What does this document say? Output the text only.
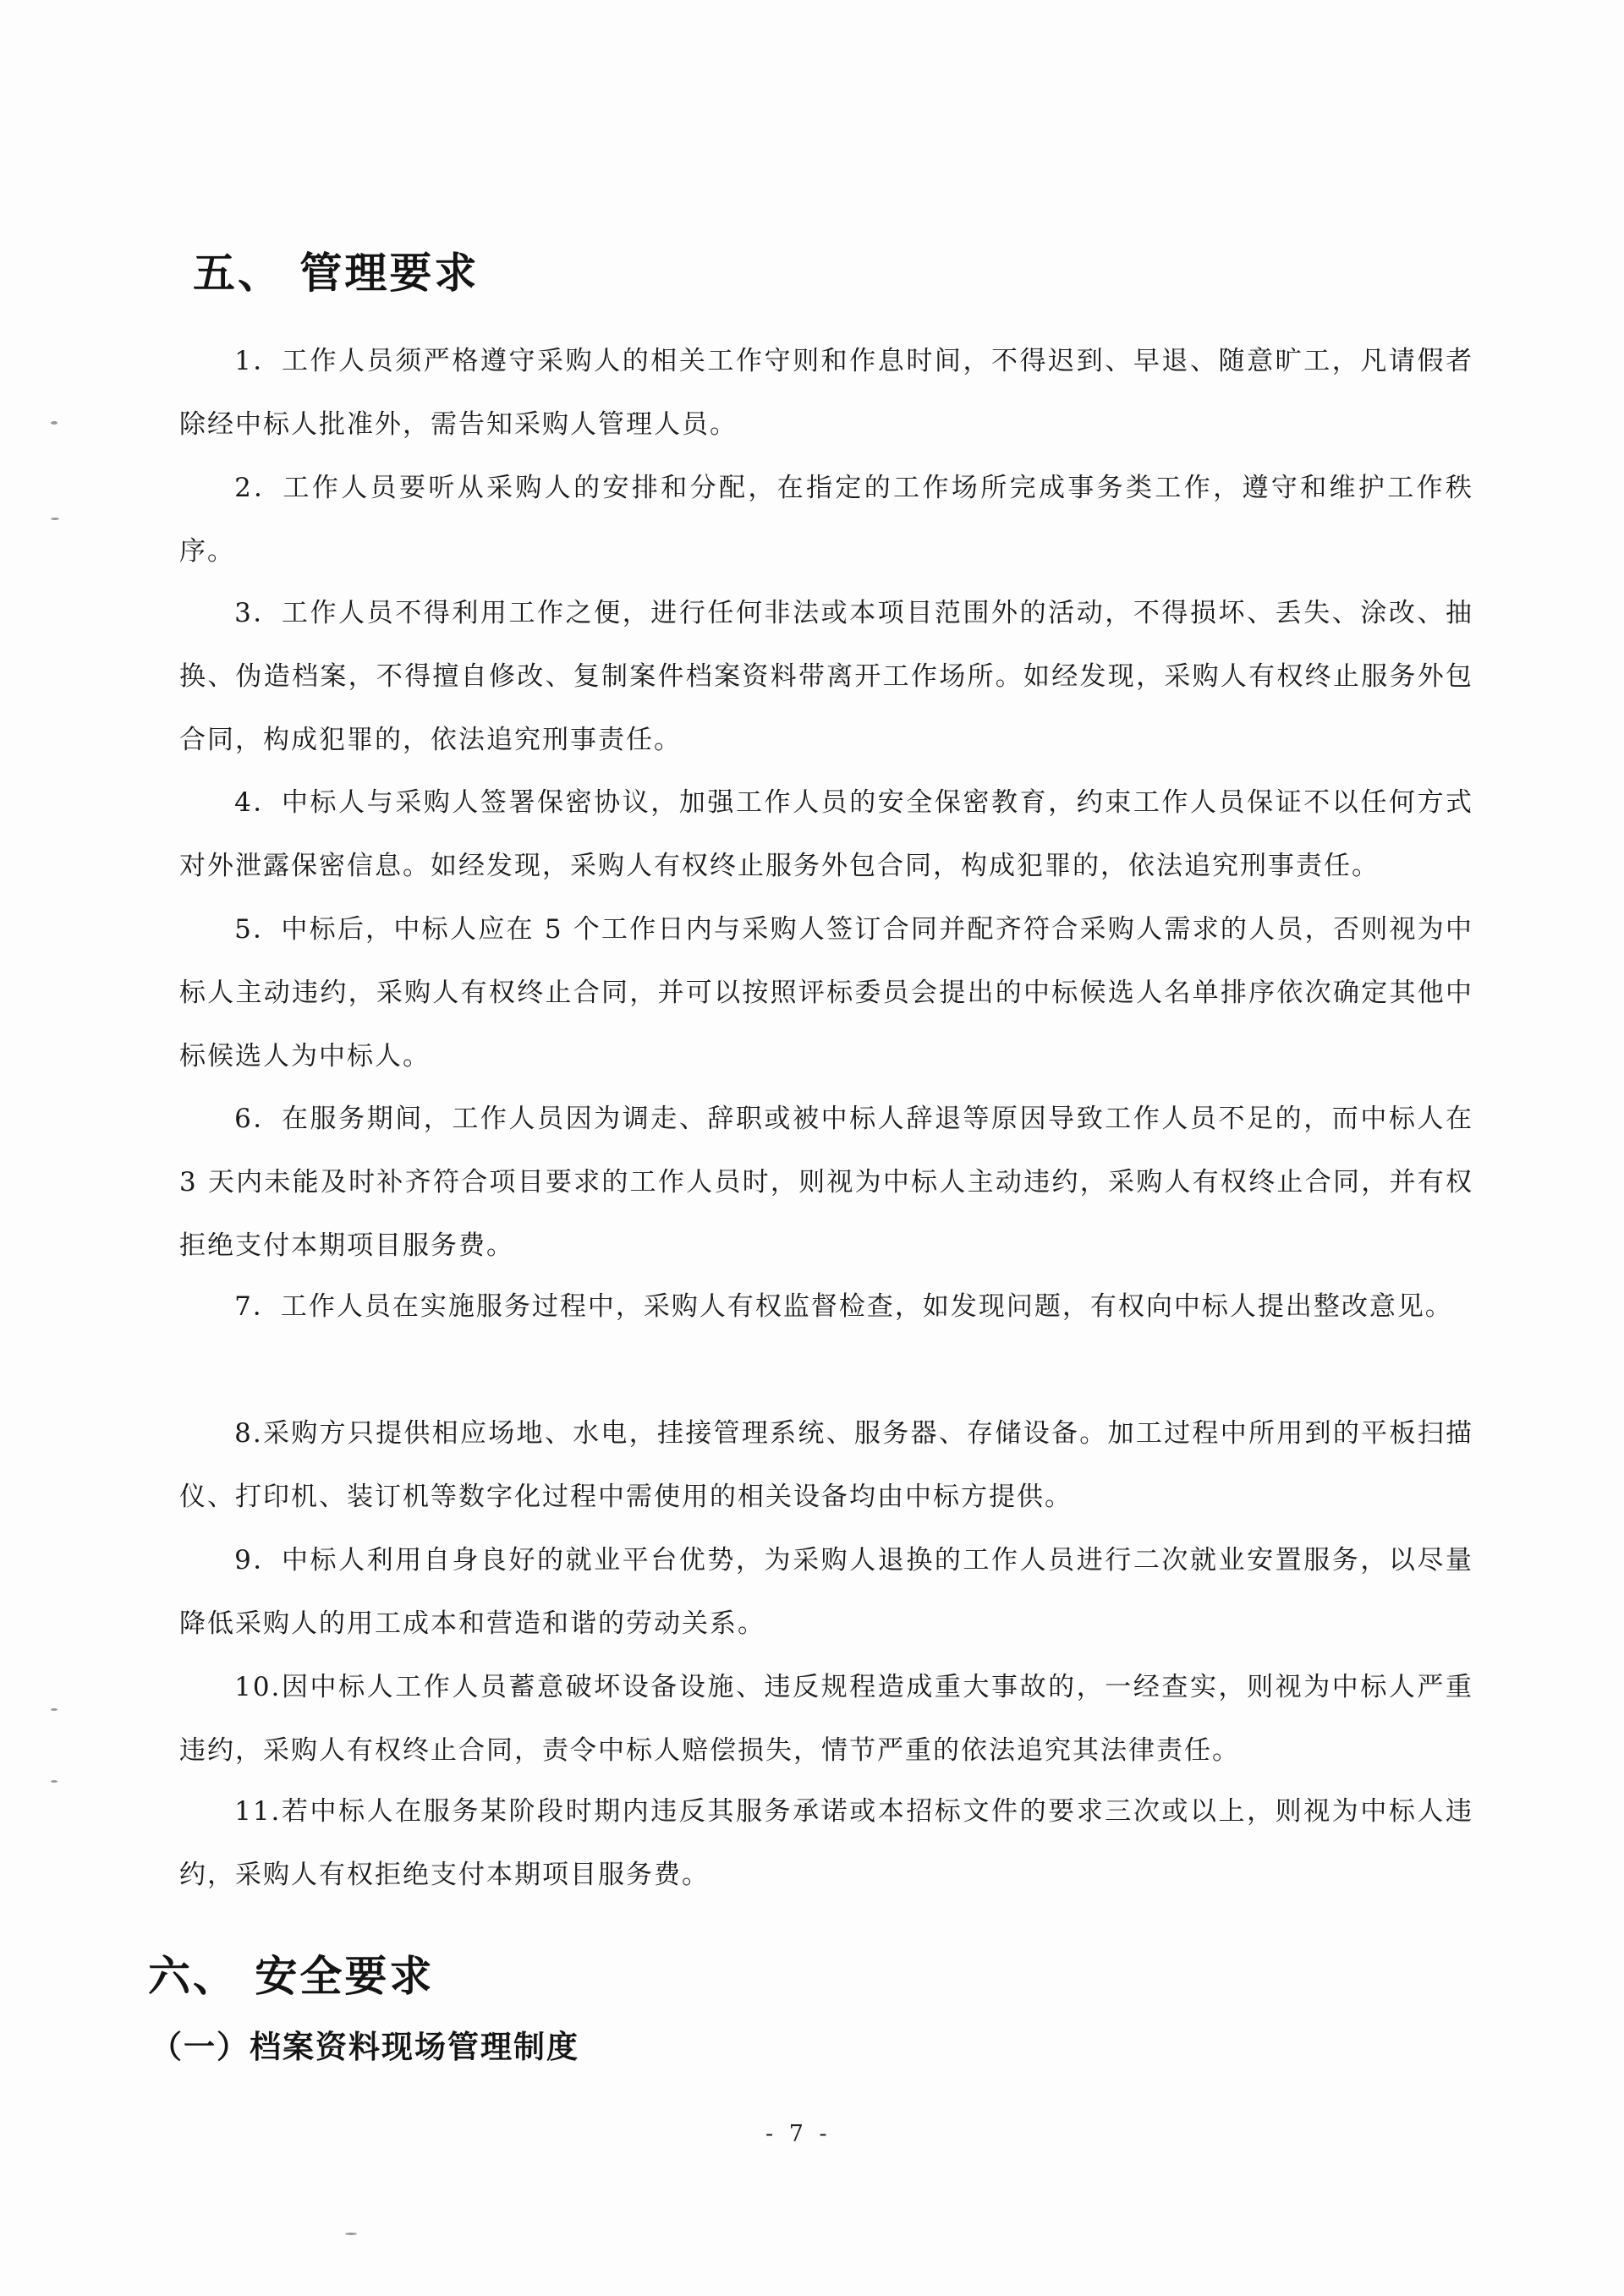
五、 管理要求
1．工作人员须严格遵守采购人的相关工作守则和作息时间，不得迟到、早退、随意旷工，凡请假者除经中标人批准外，需告知采购人管理人员。
2．工作人员要听从采购人的安排和分配，在指定的工作场所完成事务类工作，遵守和维护工作秩序。
3．工作人员不得利用工作之便，进行任何非法或本项目范围外的活动，不得损坏、丢失、涂改、抽换、伪造档案，不得擅自修改、复制案件档案资料带离开工作场所。如经发现，采购人有权终止服务外包合同，构成犯罪的，依法追究刑事责任。
4．中标人与采购人签署保密协议，加强工作人员的安全保密教育，约束工作人员保证不以任何方式对外泄露保密信息。如经发现，采购人有权终止服务外包合同，构成犯罪的，依法追究刑事责任。
5．中标后，中标人应在 5 个工作日内与采购人签订合同并配齐符合采购人需求的人员，否则视为中标人主动违约，采购人有权终止合同，并可以按照评标委员会提出的中标候选人名单排序依次确定其他中标候选人为中标人。
6．在服务期间，工作人员因为调走、辞职或被中标人辞退等原因导致工作人员不足的，而中标人在 3 天内未能及时补齐符合项目要求的工作人员时，则视为中标人主动违约，采购人有权终止合同，并有权拒绝支付本期项目服务费。
7．工作人员在实施服务过程中，采购人有权监督检查，如发现问题，有权向中标人提出整改意见。
8.采购方只提供相应场地、水电，挂接管理系统、服务器、存储设备。加工过程中所用到的平板扫描仪、打印机、装订机等数字化过程中需使用的相关设备均由中标方提供。
9．中标人利用自身良好的就业平台优势，为采购人退换的工作人员进行二次就业安置服务，以尽量降低采购人的用工成本和营造和谐的劳动关系。
10.因中标人工作人员蓄意破坏设备设施、违反规程造成重大事故的，一经查实，则视为中标人严重违约，采购人有权终止合同，责令中标人赔偿损失，情节严重的依法追究其法律责任。
11.若中标人在服务某阶段时期内违反其服务承诺或本招标文件的要求三次或以上，则视为中标人违约，采购人有权拒绝支付本期项目服务费。
六、 安全要求
（一）档案资料现场管理制度
- 7 -
